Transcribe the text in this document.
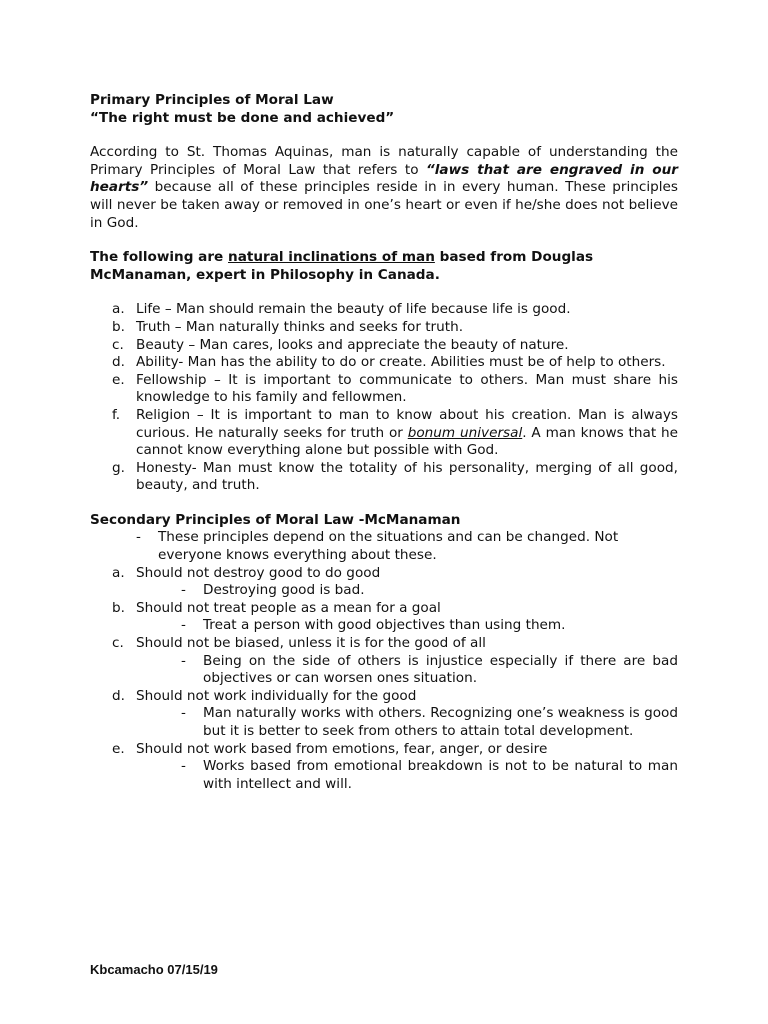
Primary Principles of Moral Law
“The right must be done and achieved”

According to St. Thomas Aquinas, man is naturally capable of understanding the Primary Principles of Moral Law that refers to “laws that are engraved in our hearts” because all of these principles reside in in every human. These principles will never be taken away or removed in one’s heart or even if he/she does not believe in God.

The following are natural inclinations of man based from Douglas McManaman, expert in Philosophy in Canada.

a. Life – Man should remain the beauty of life because life is good.
b. Truth – Man naturally thinks and seeks for truth.
c. Beauty – Man cares, looks and appreciate the beauty of nature.
d. Ability- Man has the ability to do or create. Abilities must be of help to others.
e. Fellowship – It is important to communicate to others. Man must share his knowledge to his family and fellowmen.
f. Religion – It is important to man to know about his creation. Man is always curious. He naturally seeks for truth or bonum universal. A man knows that he cannot know everything alone but possible with God.
g. Honesty- Man must know the totality of his personality, merging of all good, beauty, and truth.
Secondary Principles of Moral Law -McManaman
- These principles depend on the situations and can be changed. Not everyone knows everything about these.
a. Should not destroy good to do good
- Destroying good is bad.
b. Should not treat people as a mean for a goal
- Treat a person with good objectives than using them.
c. Should not be biased, unless it is for the good of all
- Being on the side of others is injustice especially if there are bad objectives or can worsen ones situation.
d. Should not work individually for the good
- Man naturally works with others. Recognizing one’s weakness is good but it is better to seek from others to attain total development.
e. Should not work based from emotions, fear, anger, or desire
- Works based from emotional breakdown is not to be natural to man with intellect and will.
Kbcamacho 07/15/19
